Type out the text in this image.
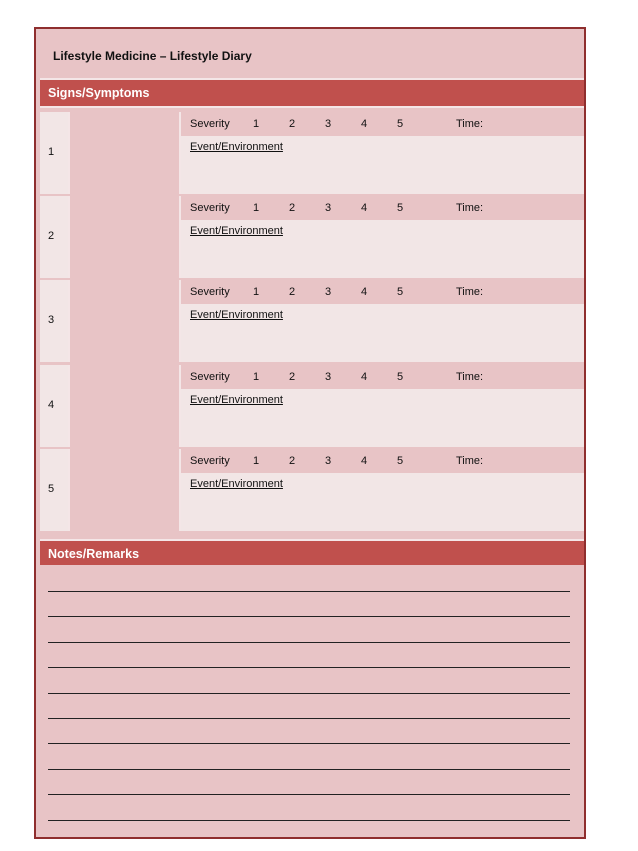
Lifestyle Medicine – Lifestyle Diary
Signs/Symptoms
1
Severity 1	2	3	4	5	Time:
Event/Environment
2
Severity 1	2	3	4	5	Time:
Event/Environment
3
Severity 1	2	3	4	5	Time:
Event/Environment
4
Severity 1	2	3	4	5	Time:
Event/Environment
5
Severity 1	2	3	4	5	Time:
Event/Environment
Notes/Remarks
